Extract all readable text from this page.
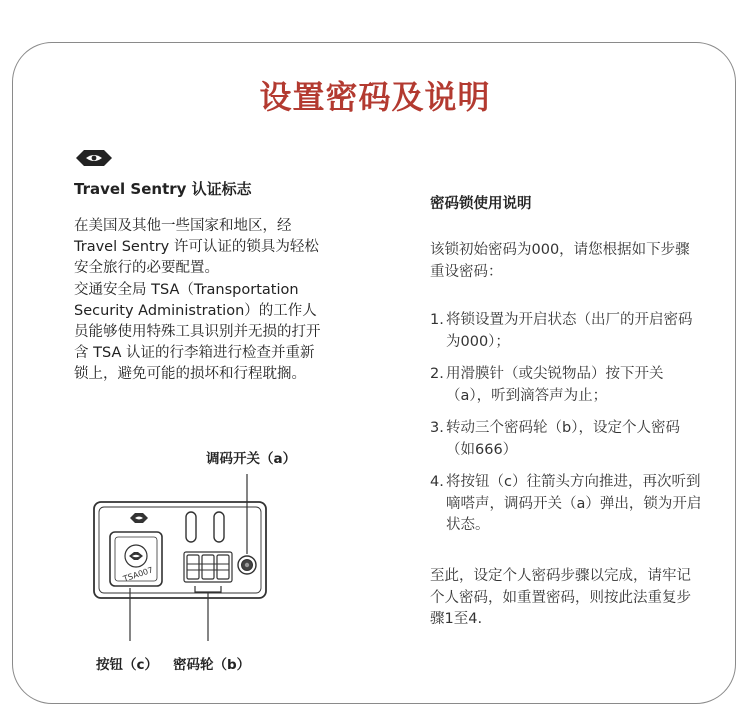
设置密码及说明
Travel Sentry 认证标志
在美国及其他一些国家和地区，经Travel Sentry 许可认证的锁具为轻松安全旅行的必要配置。
交通安全局 TSA（Transportation Security Administration）的工作人员能够使用特殊工具识别并无损的打开含 TSA 认证的行李箱进行检查并重新锁上，避免可能的损坏和行程耽搁。
密码锁使用说明
该锁初始密码为000，请您根据如下步骤重设密码：
1. 将锁设置为开启状态（出厂的开启密码为000）；
2. 用滑膜针（或尖锐物品）按下开关（a），听到滴答声为止；
3. 转动三个密码轮（b），设定个人密码（如666）
4. 将按钮（c）往箭头方向推进，再次听到嘀嗒声，调码开关（a）弹出，锁为开启状态。
至此，设定个人密码步骤以完成，请牢记个人密码，如重置密码，则按此法重复步骤1至4.
调码开关（a）
按钮（c） 密码轮（b）
TSA007
